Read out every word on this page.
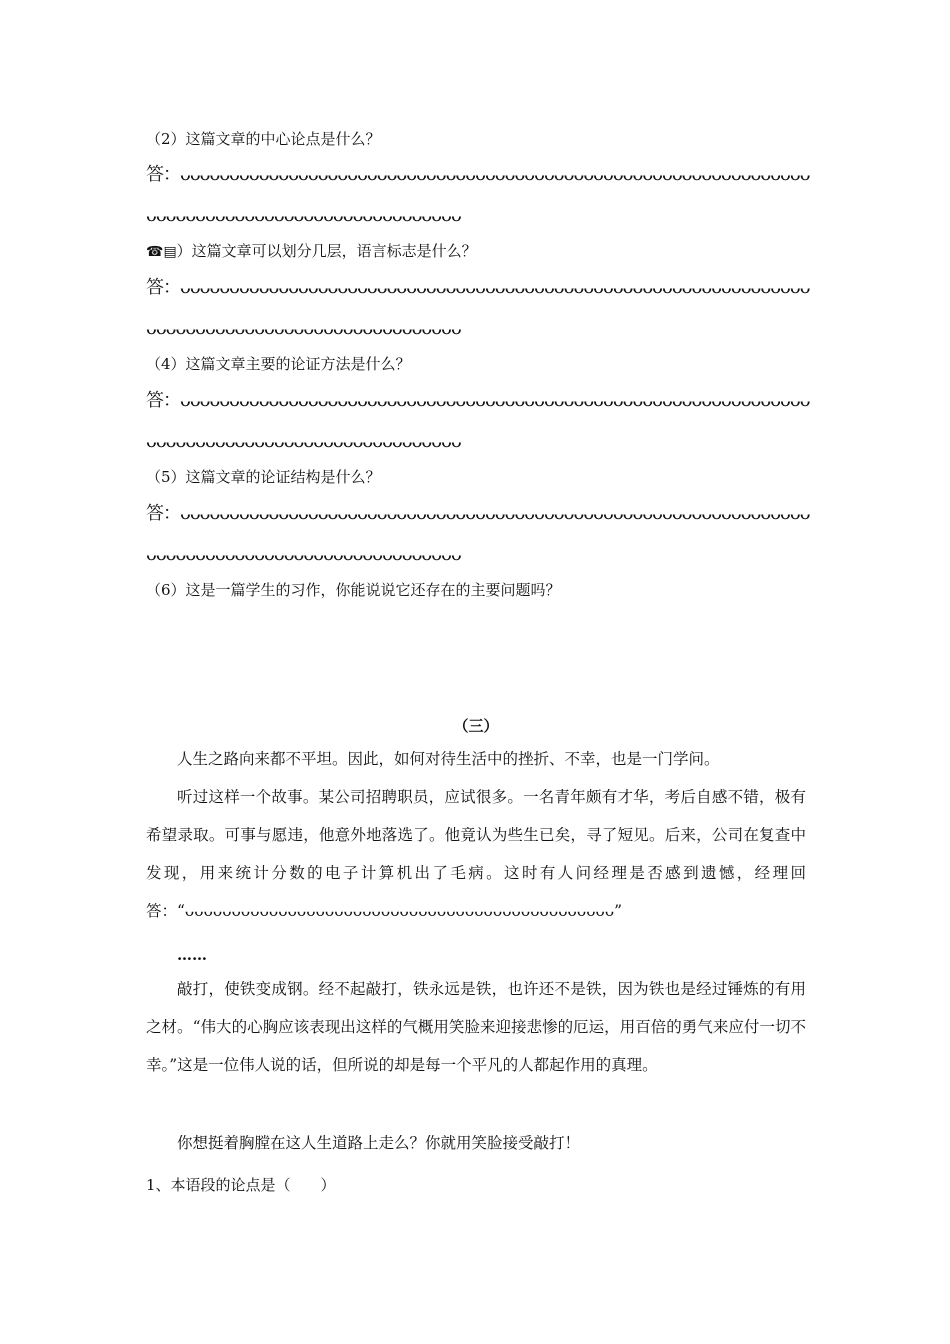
（2）这篇文章的中心论点是什么？
答：ᴗᴗᴗᴗᴗᴗᴗᴗᴗᴗᴗᴗᴗᴗᴗᴗᴗᴗᴗᴗᴗᴗᴗᴗᴗᴗᴗᴗᴗᴗᴗᴗᴗᴗᴗᴗᴗᴗᴗᴗᴗᴗᴗᴗᴗᴗᴗᴗᴗᴗᴗᴗᴗᴗᴗᴗᴗᴗᴗᴗᴗᴗᴗᴗ
ᴗᴗᴗᴗᴗᴗᴗᴗᴗᴗᴗᴗᴗᴗᴗᴗᴗᴗᴗᴗᴗᴗᴗᴗᴗᴗᴗᴗᴗᴗᴗᴗ
☎▤）这篇文章可以划分几层，语言标志是什么？
答：ᴗᴗᴗᴗᴗᴗᴗᴗᴗᴗᴗᴗᴗᴗᴗᴗᴗᴗᴗᴗᴗᴗᴗᴗᴗᴗᴗᴗᴗᴗᴗᴗᴗᴗᴗᴗᴗᴗᴗᴗᴗᴗᴗᴗᴗᴗᴗᴗᴗᴗᴗᴗᴗᴗᴗᴗᴗᴗᴗᴗᴗᴗᴗᴗ
ᴗᴗᴗᴗᴗᴗᴗᴗᴗᴗᴗᴗᴗᴗᴗᴗᴗᴗᴗᴗᴗᴗᴗᴗᴗᴗᴗᴗᴗᴗᴗᴗ
（4）这篇文章主要的论证方法是什么？
答：ᴗᴗᴗᴗᴗᴗᴗᴗᴗᴗᴗᴗᴗᴗᴗᴗᴗᴗᴗᴗᴗᴗᴗᴗᴗᴗᴗᴗᴗᴗᴗᴗᴗᴗᴗᴗᴗᴗᴗᴗᴗᴗᴗᴗᴗᴗᴗᴗᴗᴗᴗᴗᴗᴗᴗᴗᴗᴗᴗᴗᴗᴗᴗᴗ
ᴗᴗᴗᴗᴗᴗᴗᴗᴗᴗᴗᴗᴗᴗᴗᴗᴗᴗᴗᴗᴗᴗᴗᴗᴗᴗᴗᴗᴗᴗᴗᴗ
（5）这篇文章的论证结构是什么？
答：ᴗᴗᴗᴗᴗᴗᴗᴗᴗᴗᴗᴗᴗᴗᴗᴗᴗᴗᴗᴗᴗᴗᴗᴗᴗᴗᴗᴗᴗᴗᴗᴗᴗᴗᴗᴗᴗᴗᴗᴗᴗᴗᴗᴗᴗᴗᴗᴗᴗᴗᴗᴗᴗᴗᴗᴗᴗᴗᴗᴗᴗᴗᴗᴗ
ᴗᴗᴗᴗᴗᴗᴗᴗᴗᴗᴗᴗᴗᴗᴗᴗᴗᴗᴗᴗᴗᴗᴗᴗᴗᴗᴗᴗᴗᴗᴗᴗ
（6）这是一篇学生的习作，你能说说它还存在的主要问题吗？
（三）

人生之路向来都不平坦。因此，如何对待生活中的挫折、不幸，也是一门学问。

听过这样一个故事。某公司招聘职员，应试很多。一名青年颇有才华，考后自感不错，极有希望录取。可事与愿违，他意外地落选了。他竟认为些生已矣，寻了短见。后来，公司在复查中发现，用来统计分数的电子计算机出了毛病。这时有人问经理是否感到遗憾，经理回答：“ᴗᴗᴗᴗᴗᴗᴗᴗᴗᴗᴗᴗᴗᴗᴗᴗᴗᴗᴗᴗᴗᴗᴗᴗᴗᴗᴗᴗᴗᴗᴗᴗᴗᴗᴗᴗᴗᴗᴗᴗᴗᴗᴗᴗᴗᴗ”

……

敲打，使铁变成钢。经不起敲打，铁永远是铁，也许还不是铁，因为铁也是经过锤炼的有用之材。“伟大的心胸应该表现出这样的气概用笑脸来迎接悲惨的厄运，用百倍的勇气来应付一切不幸。”这是一位伟人说的话，但所说的却是每一个平凡的人都起作用的真理。

你想挺着胸膛在这人生道路上走么？你就用笑脸接受敲打！

1、本语段的论点是（　　）
